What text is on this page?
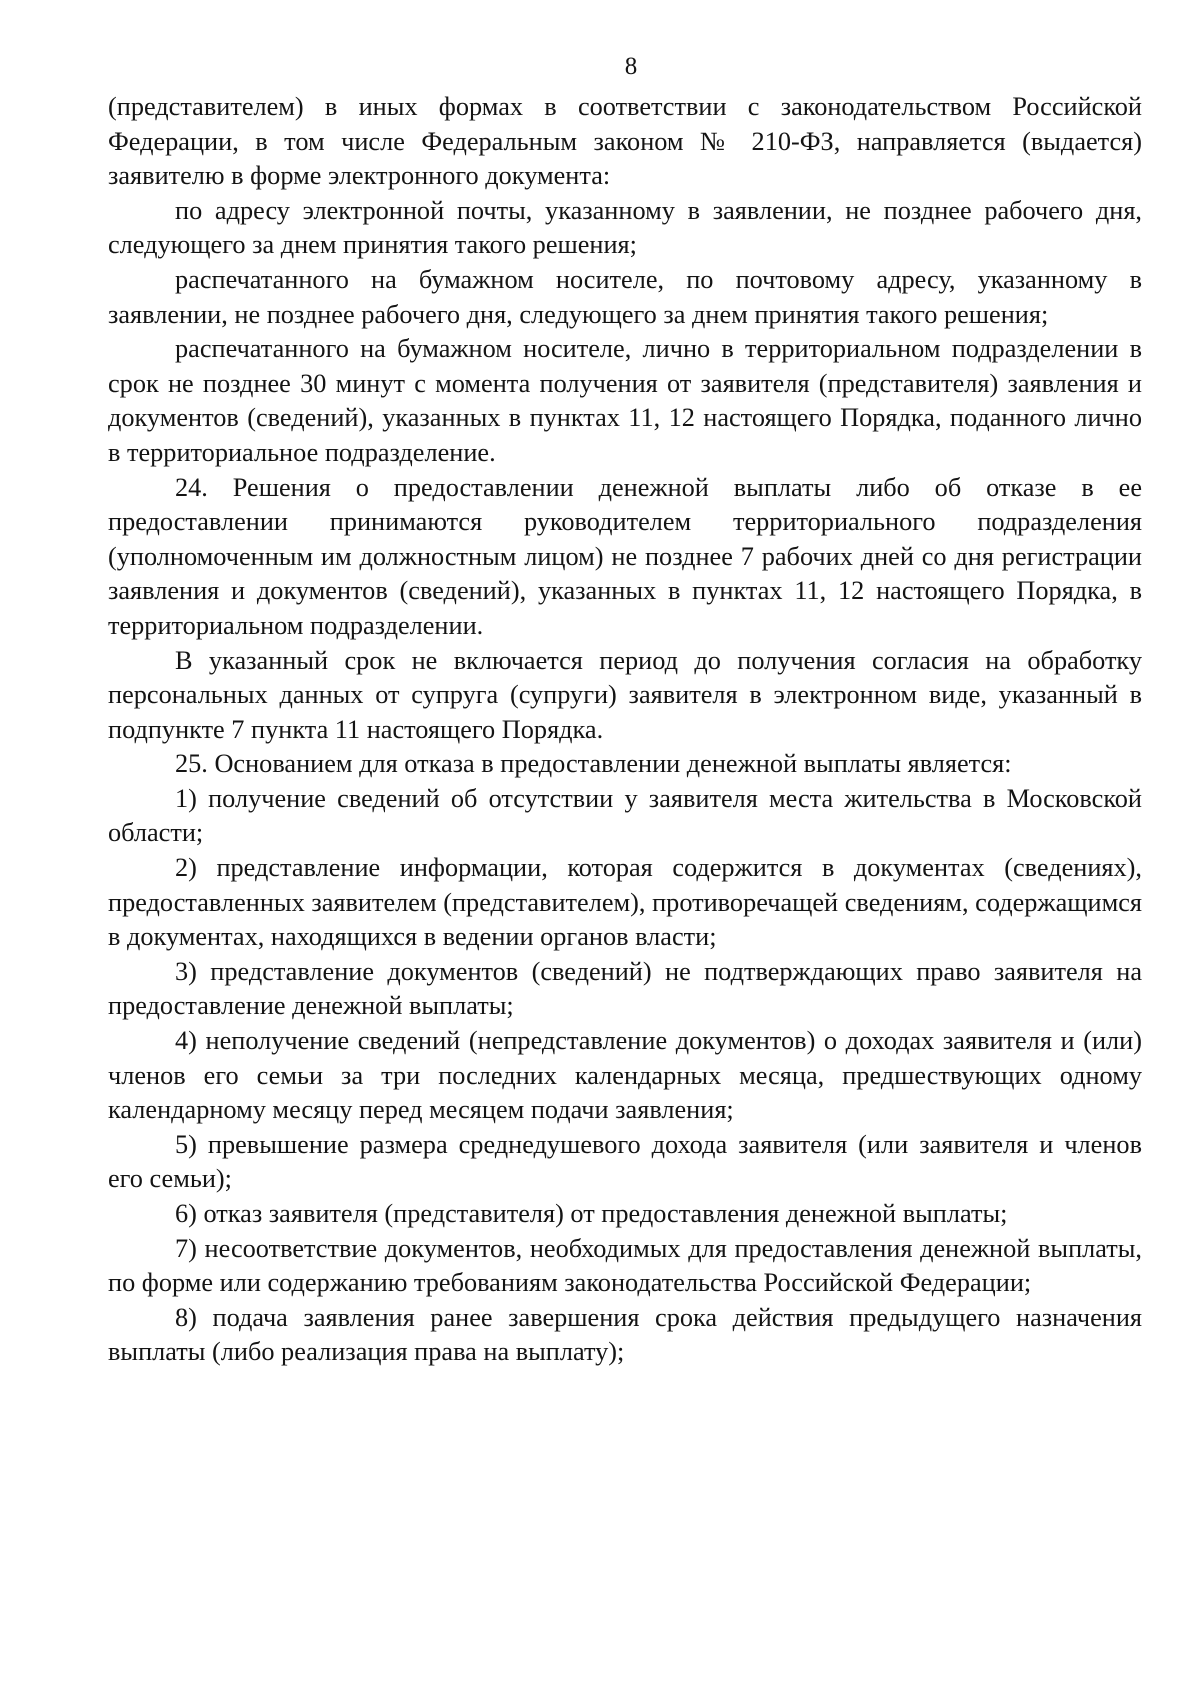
8

(представителем) в иных формах в соответствии с законодательством Российской Федерации, в том числе Федеральным законом № 210-ФЗ, направляется (выдается) заявителю в форме электронного документа:

по адресу электронной почты, указанному в заявлении, не позднее рабочего дня, следующего за днем принятия такого решения;

распечатанного на бумажном носителе, по почтовому адресу, указанному в заявлении, не позднее рабочего дня, следующего за днем принятия такого решения;

распечатанного на бумажном носителе, лично в территориальном подразделении в срок не позднее 30 минут с момента получения от заявителя (представителя) заявления и документов (сведений), указанных в пунктах 11, 12 настоящего Порядка, поданного лично в территориальное подразделение.

24. Решения о предоставлении денежной выплаты либо об отказе в ее предоставлении принимаются руководителем территориального подразделения (уполномоченным им должностным лицом) не позднее 7 рабочих дней со дня регистрации заявления и документов (сведений), указанных в пунктах 11, 12 настоящего Порядка, в территориальном подразделении.

В указанный срок не включается период до получения согласия на обработку персональных данных от супруга (супруги) заявителя в электронном виде, указанный в подпункте 7 пункта 11 настоящего Порядка.

25. Основанием для отказа в предоставлении денежной выплаты является:

1) получение сведений об отсутствии у заявителя места жительства в Московской области;

2) представление информации, которая содержится в документах (сведениях), предоставленных заявителем (представителем), противоречащей сведениям, содержащимся в документах, находящихся в ведении органов власти;

3) представление документов (сведений) не подтверждающих право заявителя на предоставление денежной выплаты;

4) неполучение сведений (непредставление документов) о доходах заявителя и (или) членов его семьи за три последних календарных месяца, предшествующих одному календарному месяцу перед месяцем подачи заявления;

5) превышение размера среднедушевого дохода заявителя (или заявителя и членов его семьи);

6) отказ заявителя (представителя) от предоставления денежной выплаты;

7) несоответствие документов, необходимых для предоставления денежной выплаты, по форме или содержанию требованиям законодательства Российской Федерации;

8) подача заявления ранее завершения срока действия предыдущего назначения выплаты (либо реализация права на выплату);
